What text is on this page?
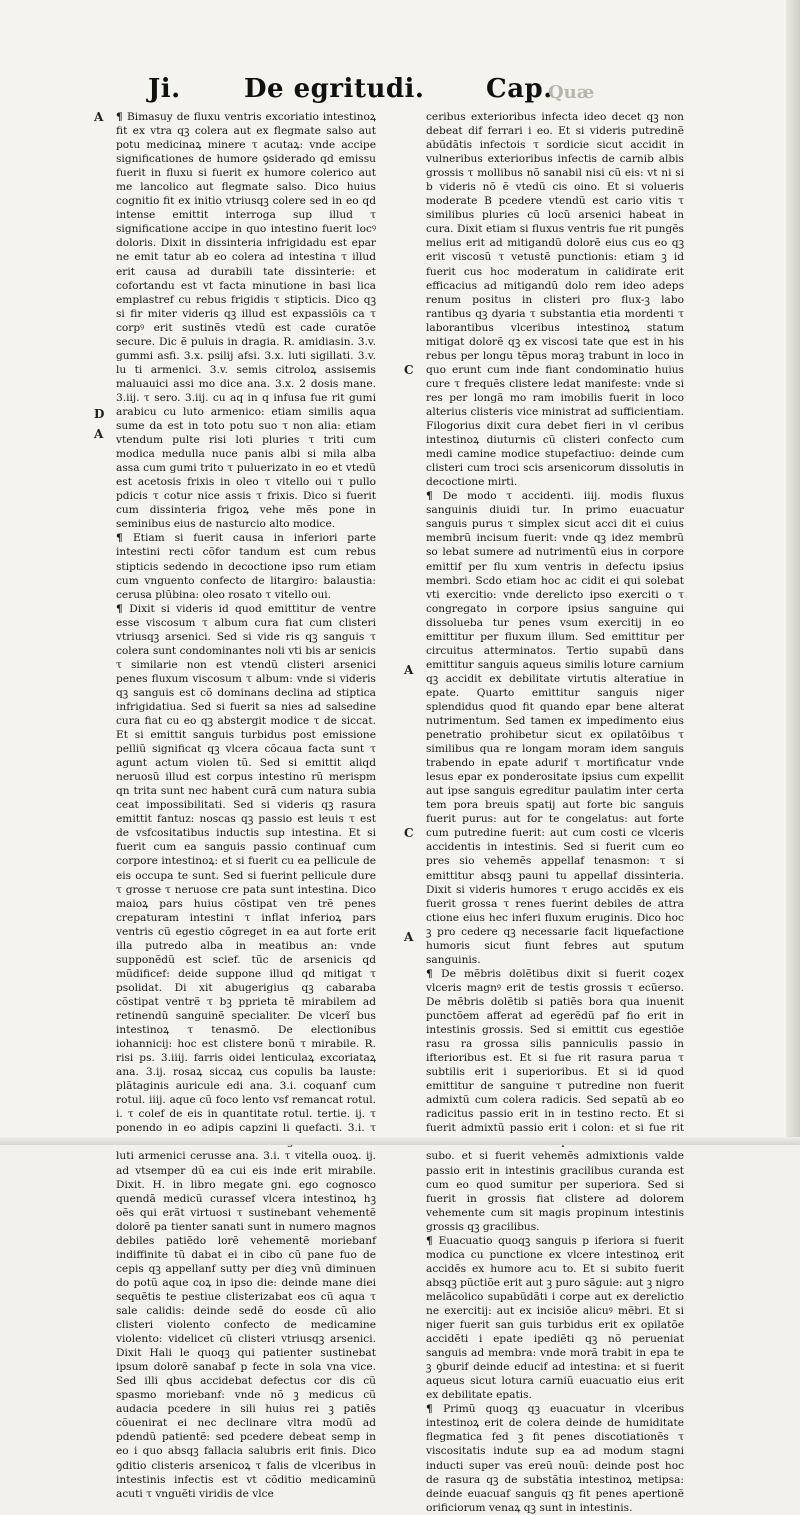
Ji. De egritudi. Cap.
Quæ
A
D
A
C
A
C
A
¶ Bimasuy de fluxu ventris excoriatio intestinoꝝ fit ex vtra qꝫ colera aut ex flegmate salso aut potu medicinaꝝ minere τ acutaꝝ: vnde accipe significationes de humore ꝯsiderado qd emissu fuerit in fluxu si fuerit ex humore colerico aut me lancolico aut flegmate salso. Dico huius cognitio fit ex initio vtriusqꝫ colere sed in eo qd intense emittit interroga sup illud τ significatione accipe in quo intestino fuerit locꝰ doloris. Dixit in dissinteria infrigidadu est epar ne emit tatur ab eo colera ad intestina τ illud erit causa ad durabili tate dissinterie: et cofortandu est vt facta minutione in basi lica emplastref cu rebus frigidis τ stipticis. Dico qꝫ si fir miter videris qꝫ illud est expassiõis ca τ corpꝰ erit sustinẽs vtedũ est cade curatõe secure. Dic ẽ puluis in dragia. R. amidiasin. 3.v. gummi asfi. 3.x. psilij afsi. 3.x. luti sigillati. 3.v. lu ti armenici. 3.v. semis citroloꝝ assisemis maluauici assi mo dice ana. 3.x. 2 dosis mane. 3.iij. τ sero. 3.iij. cu aq in q infusa fue rit gumi arabicu cu luto armenico: etiam similis aqua sume da est in toto potu suo τ non alia: etiam vtendum pulte risi loti pluries τ triti cum modica medulla nuce panis albi si mila alba assa cum gumi trito τ puluerizato in eo et vtedũ est acetosis frixis in oleo τ vitello oui τ pullo pdicis τ cotur nice assis τ frixis. Dico si fuerit cum dissinteria frigoꝝ vehe mẽs pone in seminibus eius de nasturcio alto modice.
¶ Etiam si fuerit causa in inferiori parte intestini recti cõfor tandum est cum rebus stipticis sedendo in decoctione ipso rum etiam cum vnguento confecto de litargiro: balaustia: cerusa plũbina: oleo rosato τ vitello oui.
¶ Dixit si videris id quod emittitur de ventre esse viscosum τ album cura fiat cum clisteri vtriusqꝫ arsenici. Sed si vide ris qꝫ sanguis τ colera sunt condominantes noli vti bis ar senicis τ similarie non est vtendũ clisteri arsenici penes fluxum viscosum τ album: vnde si videris qꝫ sanguis est cõ dominans declina ad stiptica infrigidatiua. Sed si fuerit sa nies ad salsedine cura fiat cu eo qꝫ abstergit modice τ de siccat. Et si emittit sanguis turbidus post emissione pelliũ significat qꝫ vlcera cõcaua facta sunt τ agunt actum violen tũ. Sed si emittit aliqd neruosũ illud est corpus intestino rũ merispm qn trita sunt nec habent curã cum natura subia ceat impossibilitati. Sed si videris qꝫ rasura emittit fantuz: noscas qꝫ passio est leuis τ est de vsfcositatibus inductis sup intestina. Et si fuerit cum ea sanguis passio continuaf cum corpore intestinoꝝ: et si fuerit cu ea pellicule de eis occupa te sunt. Sed si fuerint pellicule dure τ grosse τ neruose cre pata sunt intestina. Dico maioꝝ pars huius cõstipat ven trẽ penes crepaturam intestini τ inflat inferioꝝ pars ventris cũ egestio cõgreget in ea aut forte erit illa putredo alba in meatibus an: vnde supponẽdũ est scief. tũc de arsenicis qd mũdificef: deide suppone illud qd mitigat τ psolidat. Di xit abugerigius qꝫ cabaraba cõstipat ventrẽ τ bꝫ pprieta tẽ mirabilem ad retinendũ sanguinẽ specialiter. De vlcerĩ bus intestinoꝝ τ tenasmõ. De electionibus iohannicij: hoc est clistere bonũ τ mirabile. R. risi ps. 3.iiij. farris oidei lenticulaꝝ excoriataꝝ ana. 3.ij. rosaꝝ siccaꝝ cus copulis ba lauste: plãtaginis auricule edi ana. 3.i. coquanf cum rotul. iiij. aque cũ foco lento vsf remancat rotul. i. τ colef de eis in quantitate rotul. tertie. ij. τ ponendo in eo adipis capzini li quefacti. 3.i. τ luti armenici cerusse ana. 3.i. τ vitella ouoꝝ. ij. ad vtsemper dũ ea cui eis inde erit mirabile. Dixit. H. in libro megate gni. ego cognosco quendã medicũ curassef vlcera intestinoꝝ hꝫ oẽs qui erãt virtuosi τ sustinebant vehementẽ dolorẽ pa tienter sanati sunt in numero magnos debiles patiẽdo lorẽ vehementẽ moriebanf indiffinite tũ dabat ei in cibo cũ pane fuo de cepis qꝫ appellanf sutty per dieꝫ vnũ diminuen do potũ aque coꝝ in ipso die: deinde mane diei sequẽtis te pestiue clisterizabat eos cũ aqua τ sale calidis: deinde sedẽ do eosde cũ alio clisteri violento confecto de medicamine violento: videlicet cũ clisteri vtriusqꝫ arsenici. Dixit Hali le quoqꝫ qui patienter sustinebat ipsum dolorẽ sanabaf p fecte in sola vna vice. Sed illi qbus accidebat defectus cor dis cũ spasmo moriebanf: vnde nõ ꝫ medicus cũ audacia pcedere in sili huius rei ꝫ patiẽs cõuenirat ei nec declinare vltra modũ ad pdendũ patientẽ: sed pcedere debeat semp in eo i quo absqꝫ fallacia salubris erit finis. Dico ꝯditio clisteris arsenicoꝝ τ falis de vlceribus in intestinis infectis est vt cõditio medicaminũ acuti τ vnguẽti viridis de vlce
ceribus exterioribus infecta ideo decet qꝫ non debeat dif ferrari i eo. Et si videris putredinẽ abũdãtis infectois τ sordicie sicut accidit in vulneribus exterioribus infectis de carnib albis grossis τ mollibus nõ sanabil nisi cũ eis: vt ni si b videris nõ ẽ vtedũ cis oino. Et si volueris moderate B pcedere vtendũ est cario vitis τ similibus pluries cũ locũ arsenici habeat in cura. Dixit etiam si fluxus ventris fue rit pungẽs melius erit ad mitigandũ dolorẽ eius cus eo qꝫ erit viscosũ τ vetustẽ punctionis: etiam ꝫ id fuerit cus hoc moderatum in calidirate erit efficacius ad mitigandũ dolo rem ideo adeps renum positus in clisteri pro flux-ꝫ labo rantibus qꝫ dyaria τ substantia etia mordenti τ laborantibus vlceribus intestinoꝝ statum mitigat dolorẽ qꝫ ex viscosi tate que est in his rebus per longu tẽpus moraꝫ trabunt in loco in quo erunt cum inde fiant condominatio huius cure τ frequẽs clistere ledat manifeste: vnde si res per longã mo ram imobilis fuerit in loco alterius clisteris vice ministrat ad sufficientiam. Filogorius dixit cura debet fieri in vl ceribus intestinoꝝ diuturnis cũ clisteri confecto cum medi camine modice stupefactiuo: deinde cum clisteri cum troci scis arsenicorum dissolutis in decoctione mirti.
¶ De modo τ accidenti. iiij. modis fluxus sanguinis diuidi tur. In primo euacuatur sanguis purus τ simplex sicut acci dit ei cuius membrũ incisum fuerit: vnde qꝫ idez membrũ so lebat sumere ad nutrimentũ eius in corpore emittif per flu xum ventris in defectu ipsius membri. Scdo etiam hoc ac cidit ei qui solebat vti exercitio: vnde derelicto ipso exerciti o τ congregato in corpore ipsius sanguine qui dissolueba tur penes vsum exercitij in eo emittitur per fluxum illum. Sed emittitur per circuitus atterminatos. Tertio supabũ dans emittitur sanguis aqueus similis loture carnium qꝫ accidit ex debilitate virtutis alteratiue in epate. Quarto emittitur sanguis niger splendidus quod fit quando epar bene alterat nutrimentum. Sed tamen ex impedimento eius penetratio prohibetur sicut ex opilatõibus τ similibus qua re longam moram idem sanguis trabendo in epate adurif τ mortificatur vnde lesus epar ex ponderositate ipsius cum expellit aut ipse sanguis egreditur paulatim inter certa tem pora breuis spatij aut forte bic sanguis fuerit purus: aut for te congelatus: aut forte cum putredine fuerit: aut cum costi ce vlceris accidentis in intestinis. Sed si fuerit cum eo pres sio vehemẽs appellaf tenasmon: τ si emittitur absqꝫ pauni tu appellaf dissinteria. Dixit si videris humores τ erugo accidẽs ex eis fuerit grossa τ renes fuerint debiles de attra ctione eius hec inferi fluxum eruginis. Dico hoc ꝫ pro cedere qꝫ necessarie facit liquefactione humoris sicut fiunt febres aut sputum sanguinis.
¶ De mẽbris dolẽtibus dixit si fuerit coꝝex vlceris magnꝰ erit de testis grossis τ ecũerso. De mẽbris dolẽtib si patiẽs bora qua inuenit punctõem afferat ad egerẽdũ paf fio erit in intestinis grossis. Sed si emittit cus egestiõe rasu ra grossa silis panniculis passio in ifterioribus est. Et si fue rit rasura parua τ subtilis erit i superioribus. Et si id quod emittitur de sanguine τ putredine non fuerit admixtũ cum colera radicis. Sed sepatũ ab eo radicitus passio erit in in testino recto. Et si fuerit admixtũ passio erit i colon: et si fue rit subo. et si fuerit vehemẽs admixtionis valde passio erit in intestinis gracilibus curanda est cum eo quod sumitur per superiora. Sed si fuerit in grossis fiat clistere ad dolorem vehemente cum sit magis propinum intestinis grossis qꝫ gracilibus.
¶ Euacuatio quoqꝫ sanguis p iferiora si fuerit modica cu punctione ex vlcere intestinoꝝ erit accidẽs ex humore acu to. Et si subito fuerit absqꝫ pũctiõe erit aut ꝫ puro sãguie: aut ꝫ nigro melãcolico supabũdãti i corpe aut ex derelictio ne exercitij: aut ex incisiõe alicuꝰ mẽbri. Et si niger fuerit san guis turbidus erit ex opilatõe accidẽti i epate ipediẽti qꝫ nõ perueniat sanguis ad membra: vnde morã trabit in epa te ꝫ ꝯburif deinde educif ad intestina: et si fuerit aqueus sicut lotura carniũ euacuatio eius erit ex debilitate epatis.
¶ Primũ quoqꝫ qꝫ euacuatur in vlceribus intestinoꝝ erit de colera deinde de humiditate flegmatica fed ꝫ fit penes discotiationẽs τ viscositatis indute sup ea ad modum stagni inducti super vas ereũ nouũ: deinde post hoc de rasura qꝫ de substãtia intestinoꝝ metipsa: deinde euacuaf sanguis qꝫ fit penes apertionẽ orificiorum venaꝝ qꝫ sunt in intestinis.
